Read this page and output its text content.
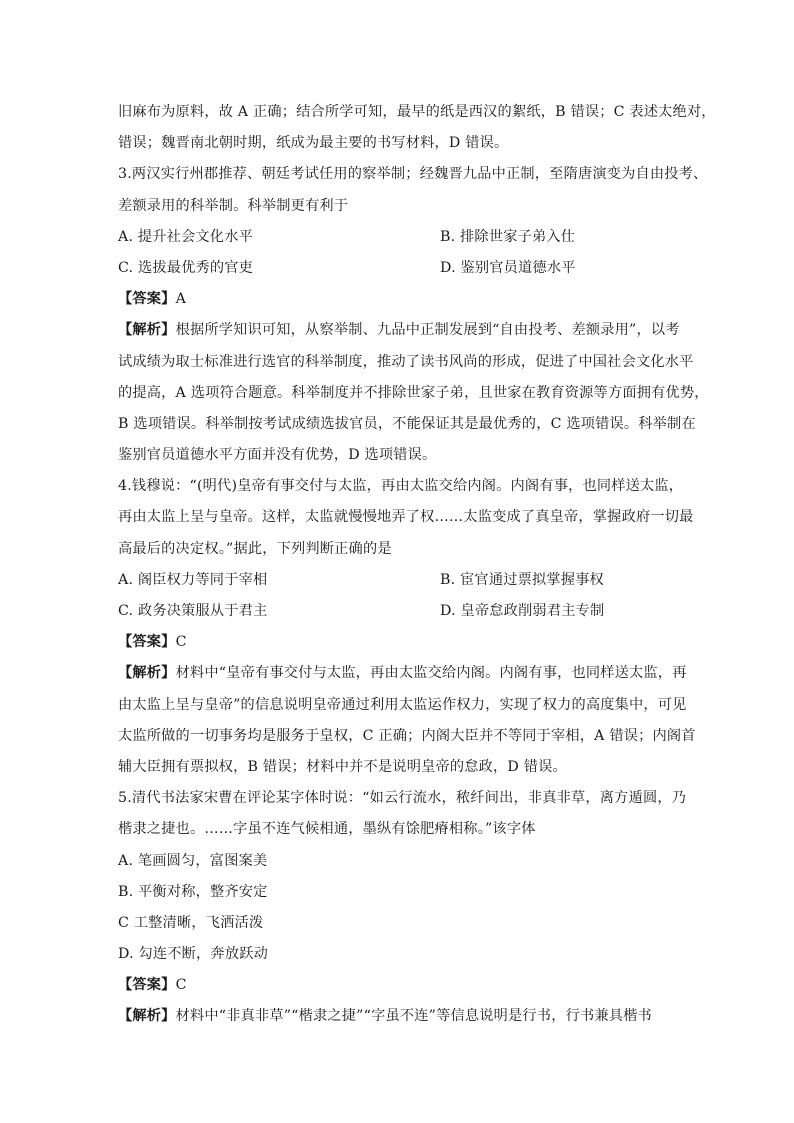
旧麻布为原料，故 A 正确；结合所学可知，最早的纸是西汉的絮纸，B 错误；C 表述太绝对，
错误；魏晋南北朝时期，纸成为最主要的书写材料，D 错误。
3.两汉实行州郡推荐、朝廷考试任用的察举制；经魏晋九品中正制，至隋唐演变为自由投考、
差额录用的科举制。科举制更有利于
A. 提升社会文化水平	B. 排除世家子弟入仕
C. 选拔最优秀的官吏	D. 鉴别官员道德水平
【答案】A
【解析】根据所学知识可知，从察举制、九品中正制发展到“自由投考、差额录用”，以考
试成绩为取士标准进行选官的科举制度，推动了读书风尚的形成，促进了中国社会文化水平
的提高，A 选项符合题意。科举制度并不排除世家子弟，且世家在教育资源等方面拥有优势，
B 选项错误。科举制按考试成绩选拔官员，不能保证其是最优秀的，C 选项错误。科举制在
鉴别官员道德水平方面并没有优势，D 选项错误。
4.钱穆说：“(明代)皇帝有事交付与太监，再由太监交给内阁。内阁有事，也同样送太监，
再由太监上呈与皇帝。这样，太监就慢慢地弄了权……太监变成了真皇帝，掌握政府一切最
高最后的决定权。”据此，下列判断正确的是
A. 阁臣权力等同于宰相	B. 宦官通过票拟掌握事权
C. 政务决策服从于君主	D. 皇帝怠政削弱君主专制
【答案】C
【解析】材料中“皇帝有事交付与太监，再由太监交给内阁。内阁有事，也同样送太监，再
由太监上呈与皇帝”的信息说明皇帝通过利用太监运作权力，实现了权力的高度集中，可见
太监所做的一切事务均是服务于皇权，C 正确；内阁大臣并不等同于宰相，A 错误；内阁首
辅大臣拥有票拟权，B 错误；材料中并不是说明皇帝的怠政，D 错误。
5.清代书法家宋曹在评论某字体时说：“如云行流水，秾纤间出，非真非草，离方遁圆，乃
楷隶之捷也。……字虽不连气候相通，墨纵有馀肥瘠相称。”该字体
A. 笔画圆匀，富图案美
B. 平衡对称，整齐安定
C 工整清晰，飞洒活泼
D. 勾连不断，奔放跃动
【答案】C
【解析】材料中“非真非草”“楷隶之捷”“字虽不连”等信息说明是行书，行书兼具楷书
